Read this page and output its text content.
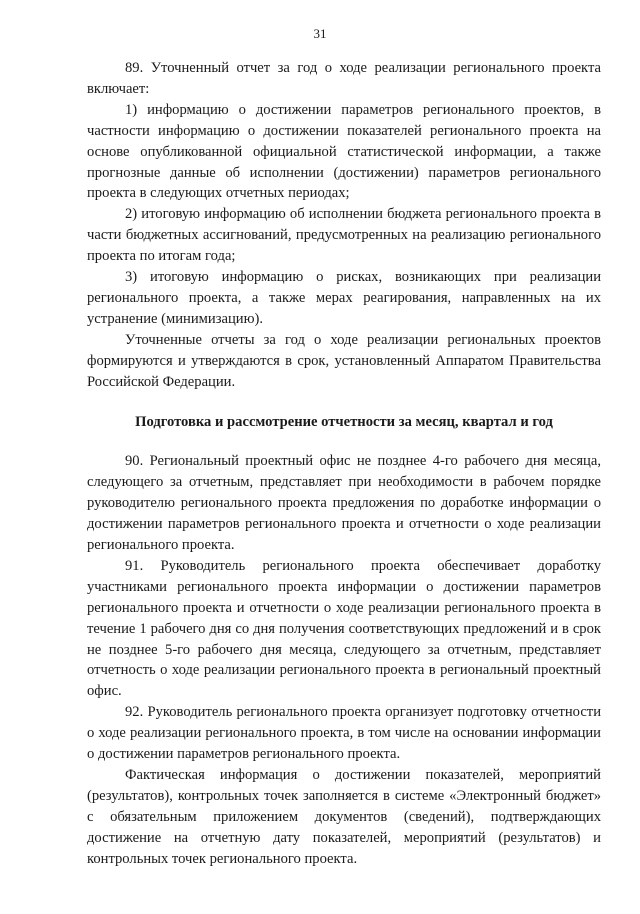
31

89. Уточненный отчет за год о ходе реализации регионального проекта включает:

1) информацию о достижении параметров регионального проектов, в частности информацию о достижении показателей регионального проекта на основе опубликованной официальной статистической информации, а также прогнозные данные об исполнении (достижении) параметров регионального проекта в следующих отчетных периодах;

2) итоговую информацию об исполнении бюджета регионального проекта в части бюджетных ассигнований, предусмотренных на реализацию регионального проекта по итогам года;

3) итоговую информацию о рисках, возникающих при реализации регионального проекта, а также мерах реагирования, направленных на их устранение (минимизацию).

Уточненные отчеты за год о ходе реализации региональных проектов формируются и утверждаются в срок, установленный Аппаратом Правительства Российской Федерации.

Подготовка и рассмотрение отчетности за месяц, квартал и год

90. Региональный проектный офис не позднее 4-го рабочего дня месяца, следующего за отчетным, представляет при необходимости в рабочем порядке руководителю регионального проекта предложения по доработке информации о достижении параметров регионального проекта и отчетности о ходе реализации регионального проекта.

91. Руководитель регионального проекта обеспечивает доработку участниками регионального проекта информации о достижении параметров регионального проекта и отчетности о ходе реализации регионального проекта в течение 1 рабочего дня со дня получения соответствующих предложений и в срок не позднее 5-го рабочего дня месяца, следующего за отчетным, представляет отчетность о ходе реализации регионального проекта в региональный проектный офис.

92. Руководитель регионального проекта организует подготовку отчетности о ходе реализации регионального проекта, в том числе на основании информации о достижении параметров регионального проекта.

Фактическая информация о достижении показателей, мероприятий (результатов), контрольных точек заполняется в системе «Электронный бюджет» с обязательным приложением документов (сведений), подтверждающих достижение на отчетную дату показателей, мероприятий (результатов) и контрольных точек регионального проекта.
